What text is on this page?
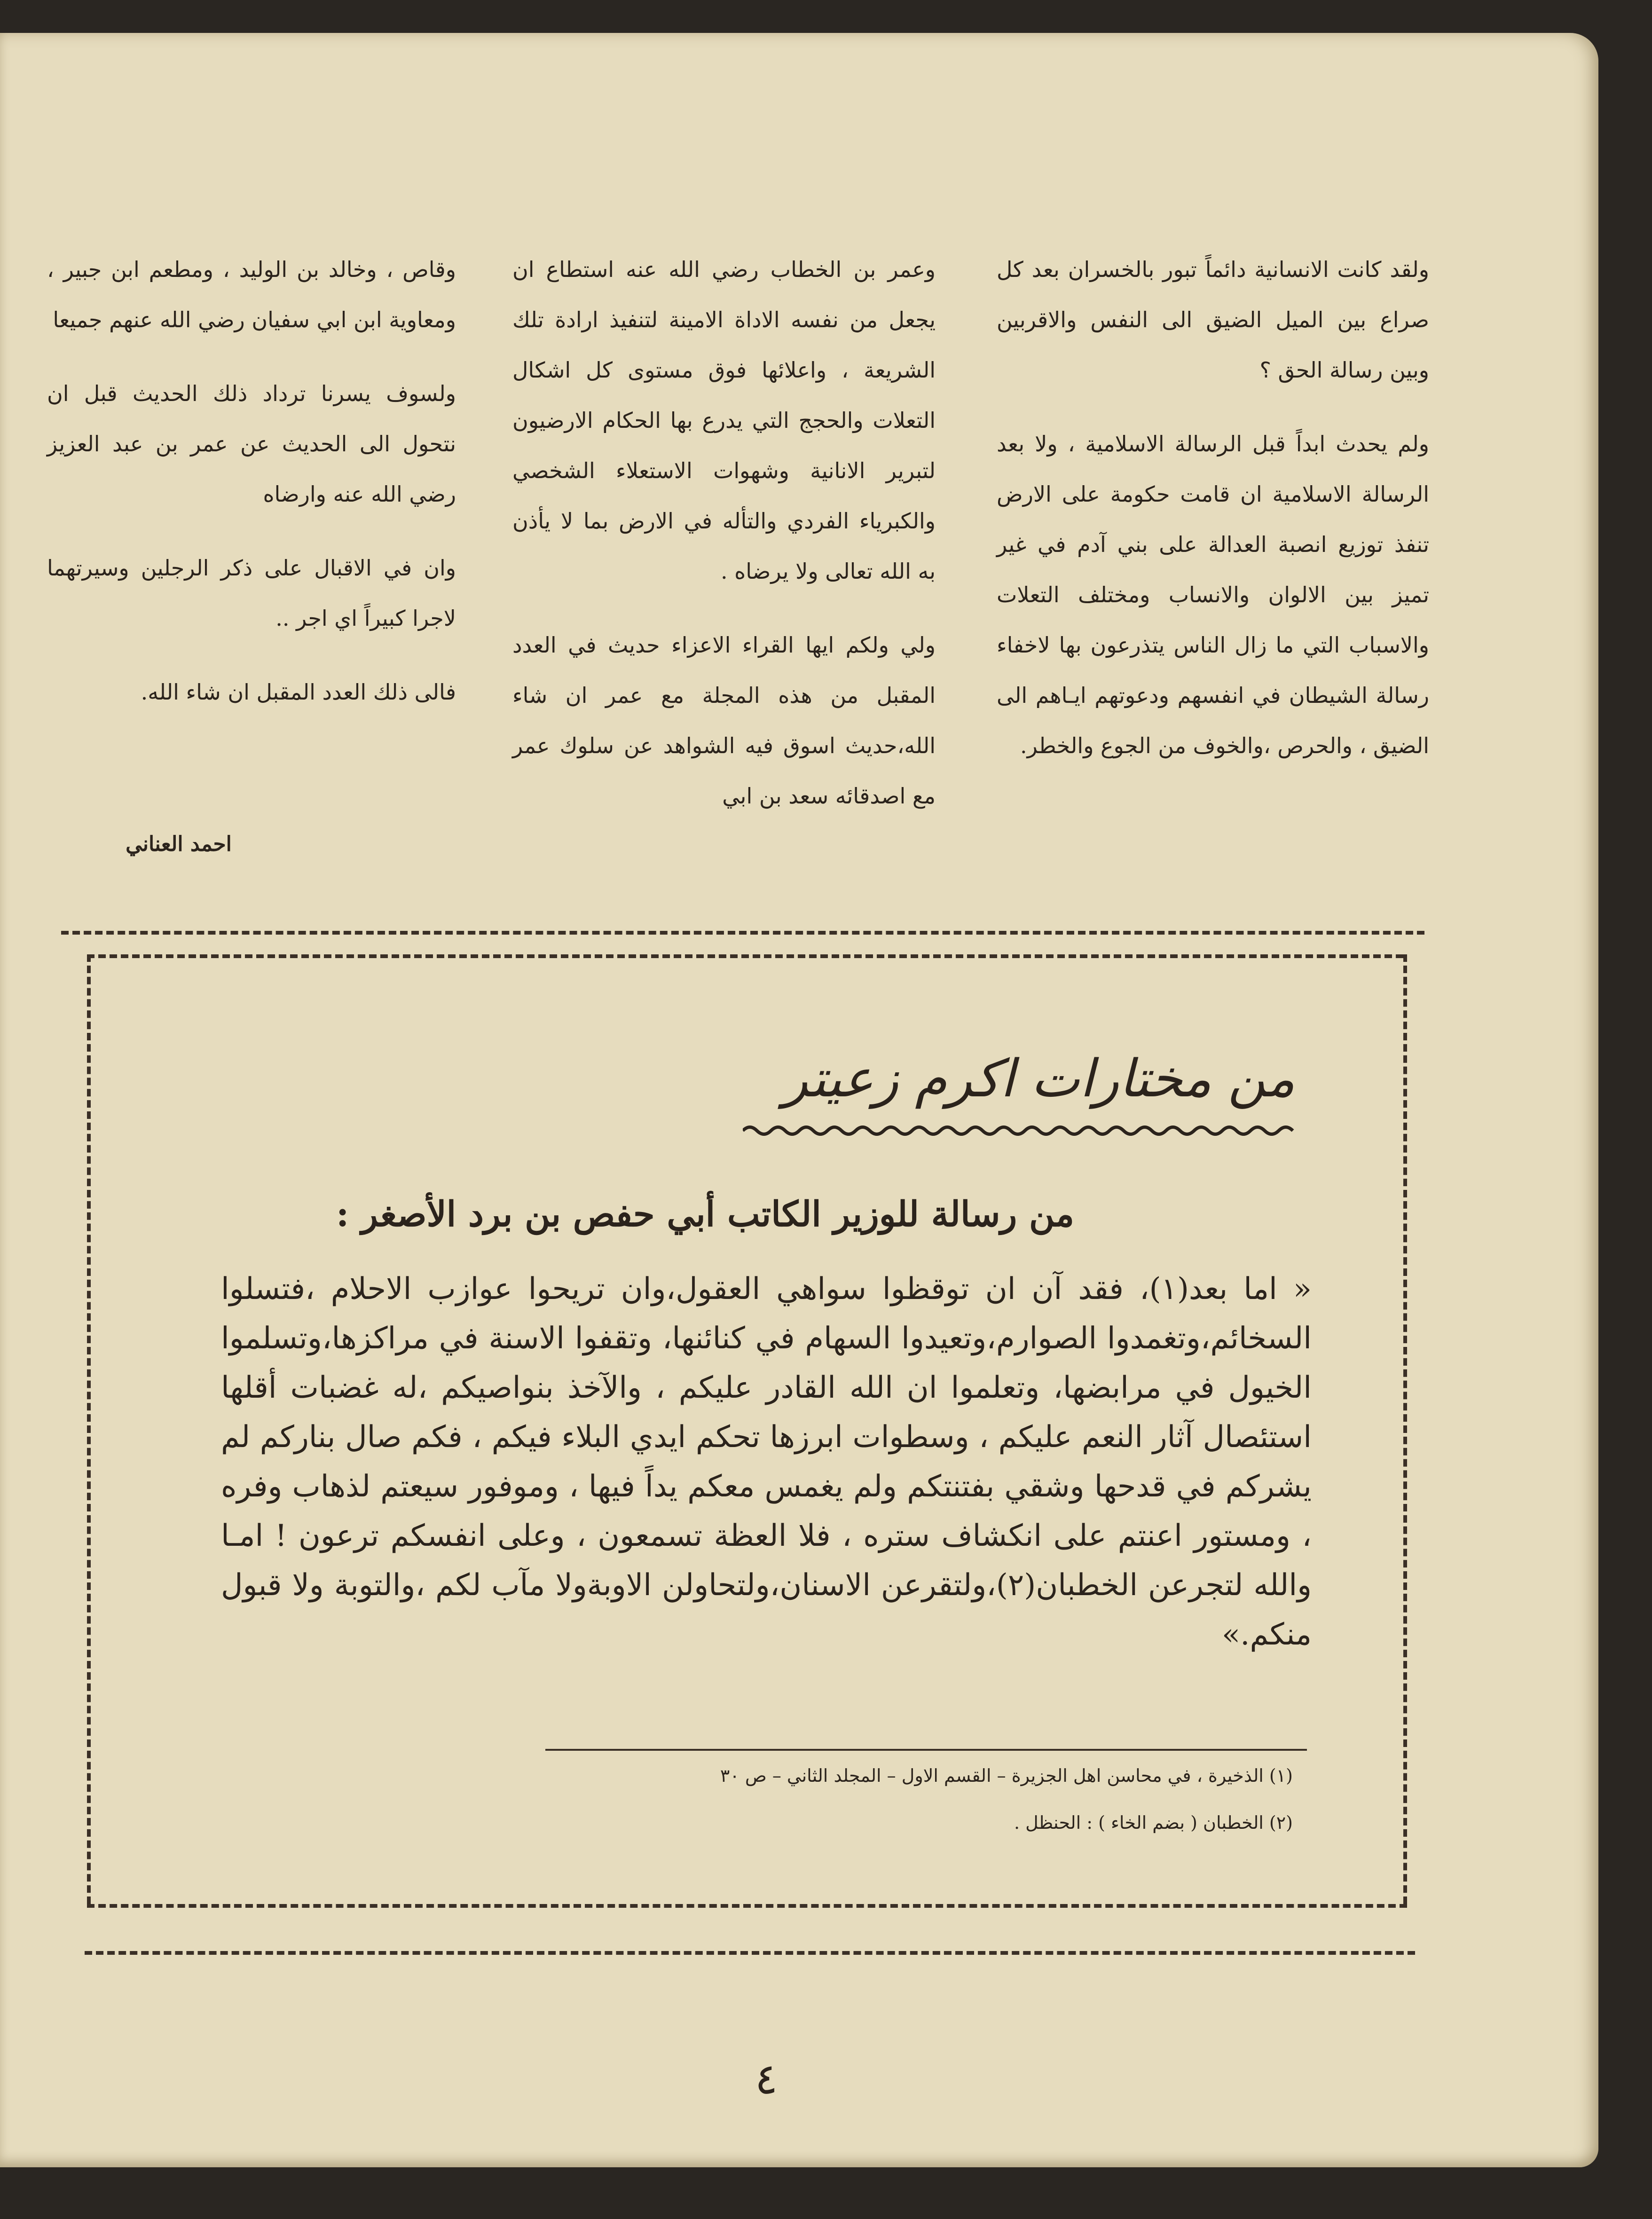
ولقد كانت الانسانية دائماً تبور بالخسران بعد كل صراع بين الميل الضيق الى النفس والاقربين وبين رسالة الحق ؟

ولم يحدث ابداً قبل الرسالة الاسلامية ، ولا بعد الرسالة الاسلامية ان قامت حكومة على الارض تنفذ توزيع انصبة العدالة على بني آدم في غير تميز بين الالوان والانساب ومختلف التعلات والاسباب التي ما زال الناس يتذرعون بها لاخفاء رسالة الشيطان في انفسهم ودعوتهم ايـاهم الى الضيق ، والحرص ،والخوف من الجوع والخطر.

وعمر بن الخطاب رضي الله عنه استطاع ان يجعل من نفسه الاداة الامينة لتنفيذ ارادة تلك الشريعة ، واعلائها فوق مستوى كل اشكال التعلات والحجج التي يدرع بها الحكام الارضيون لتبرير الانانية وشهوات الاستعلاء الشخصي والكبرياء الفردي والتأله في الارض بما لا يأذن به الله تعالى ولا يرضاه .

ولي ولكم ايها القراء الاعزاء حديث في العدد المقبل من هذه المجلة مع عمر ان شاء الله،حديث اسوق فيه الشواهد عن سلوك عمر مع اصدقائه سعد بن ابي

وقاص ، وخالد بن الوليد ، ومطعم ابن جبير ، ومعاوية ابن ابي سفيان رضي الله عنهم جميعا

ولسوف يسرنا ترداد ذلك الحديث قبل ان نتحول الى الحديث عن عمر بن عبد العزيز رضي الله عنه وارضاه

وان في الاقبال على ذكر الرجلين وسيرتهما لاجرا كبيراً اي اجر ..

فالى ذلك العدد المقبل ان شاء الله.

احمد العناني
من مختارات اكرم زعيتر
من رسالة للوزير الكاتب أبي حفص بن برد الأصغر :
« اما بعد(١)، فقد آن ان توقظوا سواهي العقول،وان تريحوا عوازب الاحلام ،فتسلوا السخائم،وتغمدوا الصوارم،وتعيدوا السهام في كنائنها، وتقفوا الاسنة في مراكزها،وتسلموا الخيول في مرابضها، وتعلموا ان الله القادر عليكم ، والآخذ بنواصيكم ،له غضبات أقلها استئصال آثار النعم عليكم ، وسطوات ابرزها تحكم ايدي البلاء فيكم ، فكم صال بناركم لم يشركم في قدحها وشقي بفتنتكم ولم يغمس معكم يداً فيها ، وموفور سيعتم لذهاب وفره ، ومستور اعنتم على انكشاف ستره ، فلا العظة تسمعون ، وعلى انفسكم ترعون ! امـا والله لتجرعن الخطبان(٢)،ولتقرعن الاسنان،ولتحاولن الاوبةولا مآب لكم ،والتوبة ولا قبول منكم.»
(١) الذخيرة ، في محاسن اهل الجزيرة – القسم الاول – المجلد الثاني – ص ٣٠
(٢) الخطبان ( بضم الخاء ) : الحنظل .
٤
